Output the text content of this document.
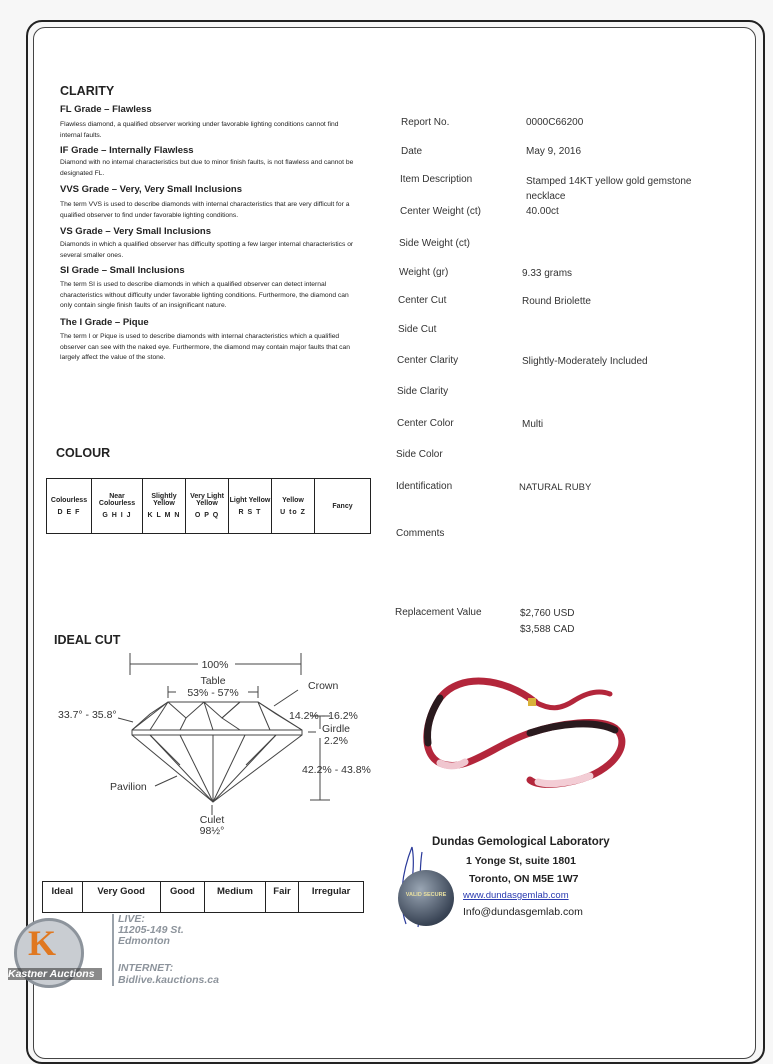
CLARITY
FL Grade – Flawless
Flawless diamond, a qualified observer working under favorable lighting conditions cannot find internal faults.
IF Grade – Internally Flawless
Diamond with no internal characteristics but due to minor finish faults, is not flawless and cannot be designated FL.
VVS Grade – Very, Very Small Inclusions
The term VVS is used to describe diamonds with internal characteristics that are very difficult for a qualified observer to find under favorable lighting conditions.
VS Grade – Very Small Inclusions
Diamonds in which a qualified observer has difficulty spotting a few larger internal characteristics or several smaller ones.
SI Grade – Small Inclusions
The term SI is used to describe diamonds in which a qualified observer can detect internal characteristics without difficulty under favorable lighting conditions. Furthermore, the diamond can only contain single finish faults of an insignificant nature.
The I Grade – Pique
The term I or Pique is used to describe diamonds with internal characteristics which a qualified observer can see with the naked eye. Furthermore, the diamond may contain major faults that can largely affect the value of the stone.
COLOUR
Colourless
D E F
	Near Colourless
G H I J
	Slightly Yellow
K L M N
	Very Light Yellow
O P Q
	Light Yellow
R S T
	Yellow
U to Z
	Fancy
IDEAL CUT
100%
Table
53% - 57%
Crown
33.7° - 35.8°	14.2% - 16.2%
Girdle
2.2%
42.2% - 43.8%
Pavilion
Culet
98½°
Ideal	Very Good	Good	Medium	Fair	Irregular
Report No.	0000C66200
Date	May 9, 2016
Item Description	Stamped 14KT yellow gold gemstone necklace
Center Weight (ct)	40.00ct
Side Weight (ct)
Weight (gr)	9.33 grams
Center Cut	Round Briolette
Side Cut
Center Clarity	Slightly-Moderately Included
Side Clarity
Center Color	Multi
Side Color
Identification	NATURAL RUBY
Comments
Replacement Value	$2,760 USD
$3,588 CAD
VALID SECURE
Dundas Gemological Laboratory
1 Yonge St, suite 1801
Toronto, ON M5E 1W7
www.dundasgemlab.com
Info@dundasgemlab.com
K
Kastner Auctions
LIVE:
11205-149 St.
Edmonton
INTERNET:
Bidlive.kauctions.ca
